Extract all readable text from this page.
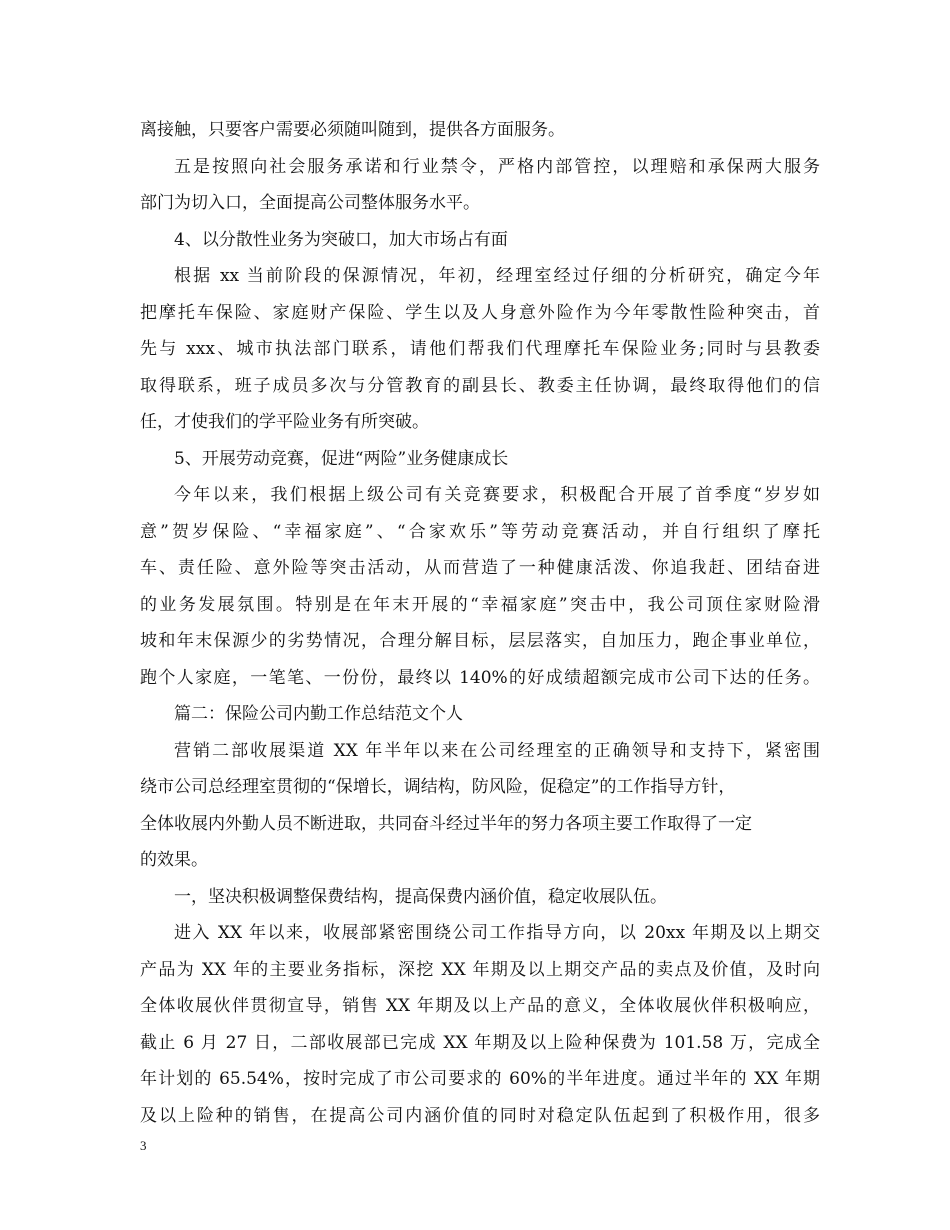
离接触，只要客户需要必须随叫随到，提供各方面服务。
五是按照向社会服务承诺和行业禁令，严格内部管控，以理赔和承保两大服务
部门为切入口，全面提高公司整体服务水平。
4、以分散性业务为突破口，加大市场占有面
根据 xx 当前阶段的保源情况，年初，经理室经过仔细的分析研究，确定今年
把摩托车保险、家庭财产保险、学生以及人身意外险作为今年零散性险种突击，首
先与 xxx、城市执法部门联系，请他们帮我们代理摩托车保险业务;同时与县教委
取得联系，班子成员多次与分管教育的副县长、教委主任协调，最终取得他们的信
任，才使我们的学平险业务有所突破。
5、开展劳动竞赛，促进“两险”业务健康成长
今年以来，我们根据上级公司有关竞赛要求，积极配合开展了首季度“岁岁如
意”贺岁保险、“幸福家庭”、“合家欢乐”等劳动竞赛活动，并自行组织了摩托
车、责任险、意外险等突击活动，从而营造了一种健康活泼、你追我赶、团结奋进
的业务发展氛围。特别是在年末开展的“幸福家庭”突击中，我公司顶住家财险滑
坡和年末保源少的劣势情况，合理分解目标，层层落实，自加压力，跑企事业单位，
跑个人家庭，一笔笔、一份份，最终以 140%的好成绩超额完成市公司下达的任务。
篇二：保险公司内勤工作总结范文个人
营销二部收展渠道 XX 年半年以来在公司经理室的正确领导和支持下，紧密围
绕市公司总经理室贯彻的“保增长，调结构，防风险，促稳定”的工作指导方针，
全体收展内外勤人员不断进取，共同奋斗经过半年的努力各项主要工作取得了一定
的效果。
一，坚决积极调整保费结构，提高保费内涵价值，稳定收展队伍。
进入 XX 年以来，收展部紧密围绕公司工作指导方向，以 20xx 年期及以上期交
产品为 XX 年的主要业务指标，深挖 XX 年期及以上期交产品的卖点及价值，及时向
全体收展伙伴贯彻宣导，销售 XX 年期及以上产品的意义，全体收展伙伴积极响应，
截止 6 月 27 日，二部收展部已完成 XX 年期及以上险种保费为 101.58 万，完成全
年计划的 65.54%，按时完成了市公司要求的 60%的半年进度。通过半年的 XX 年期
及以上险种的销售，在提高公司内涵价值的同时对稳定队伍起到了积极作用，很多
3
